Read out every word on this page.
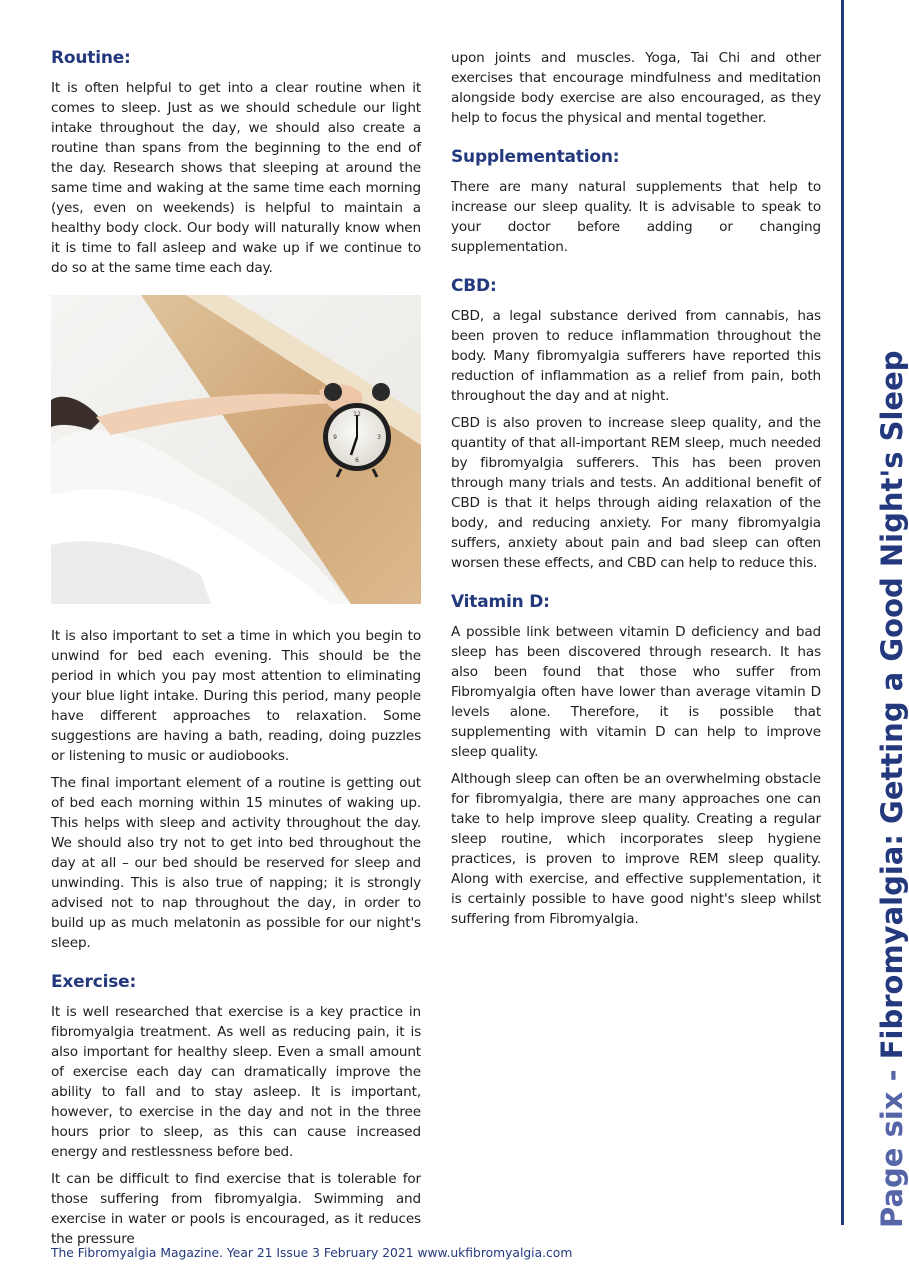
Routine:

It is often helpful to get into a clear routine when it comes to sleep. Just as we should schedule our light intake throughout the day, we should also create a routine than spans from the beginning to the end of the day. Research shows that sleeping at around the same time and waking at the same time each morning (yes, even on weekends) is helpful to maintain a healthy body clock. Our body will naturally know when it is time to fall asleep and wake up if we continue to do so at the same time each day.

12
3
6
9

It is also important to set a time in which you begin to unwind for bed each evening. This should be the period in which you pay most attention to eliminating your blue light intake. During this period, many people have different approaches to relaxation. Some suggestions are having a bath, reading, doing puzzles or listening to music or audiobooks.

The final important element of a routine is getting out of bed each morning within 15 minutes of waking up. This helps with sleep and activity throughout the day. We should also try not to get into bed throughout the day at all – our bed should be reserved for sleep and unwinding. This is also true of napping; it is strongly advised not to nap throughout the day, in order to build up as much melatonin as possible for our night's sleep.

Exercise:

It is well researched that exercise is a key practice in fibromyalgia treatment. As well as reducing pain, it is also important for healthy sleep. Even a small amount of exercise each day can dramatically improve the ability to fall and to stay asleep. It is important, however, to exercise in the day and not in the three hours prior to sleep, as this can cause increased energy and restlessness before bed.

It can be difficult to find exercise that is tolerable for those suffering from fibromyalgia. Swimming and exercise in water or pools is encouraged, as it reduces the pressure

upon joints and muscles. Yoga, Tai Chi and other exercises that encourage mindfulness and meditation alongside body exercise are also encouraged, as they help to focus the physical and mental together.

Supplementation:

There are many natural supplements that help to increase our sleep quality. It is advisable to speak to your doctor before adding or changing supplementation.

CBD:

CBD, a legal substance derived from cannabis, has been proven to reduce inflammation throughout the body. Many fibromyalgia sufferers have reported this reduction of inflammation as a relief from pain, both throughout the day and at night.

CBD is also proven to increase sleep quality, and the quantity of that all-important REM sleep, much needed by fibromyalgia sufferers. This has been proven through many trials and tests. An additional benefit of CBD is that it helps through aiding relaxation of the body, and reducing anxiety. For many fibromyalgia suffers, anxiety about pain and bad sleep can often worsen these effects, and CBD can help to reduce this.

Vitamin D:

A possible link between vitamin D deficiency and bad sleep has been discovered through research. It has also been found that those who suffer from Fibromyalgia often have lower than average vitamin D levels alone. Therefore, it is possible that supplementing with vitamin D can help to improve sleep quality.

Although sleep can often be an overwhelming obstacle for fibromyalgia, there are many approaches one can take to help improve sleep quality. Creating a regular sleep routine, which incorporates sleep hygiene practices, is proven to improve REM sleep quality. Along with exercise, and effective supplementation, it is certainly possible to have good night's sleep whilst suffering from Fibromyalgia.

Page six - Fibromyalgia: Getting a Good Night's Sleep
The Fibromyalgia Magazine. Year 21 Issue 3 February 2021 www.ukfibromyalgia.com
